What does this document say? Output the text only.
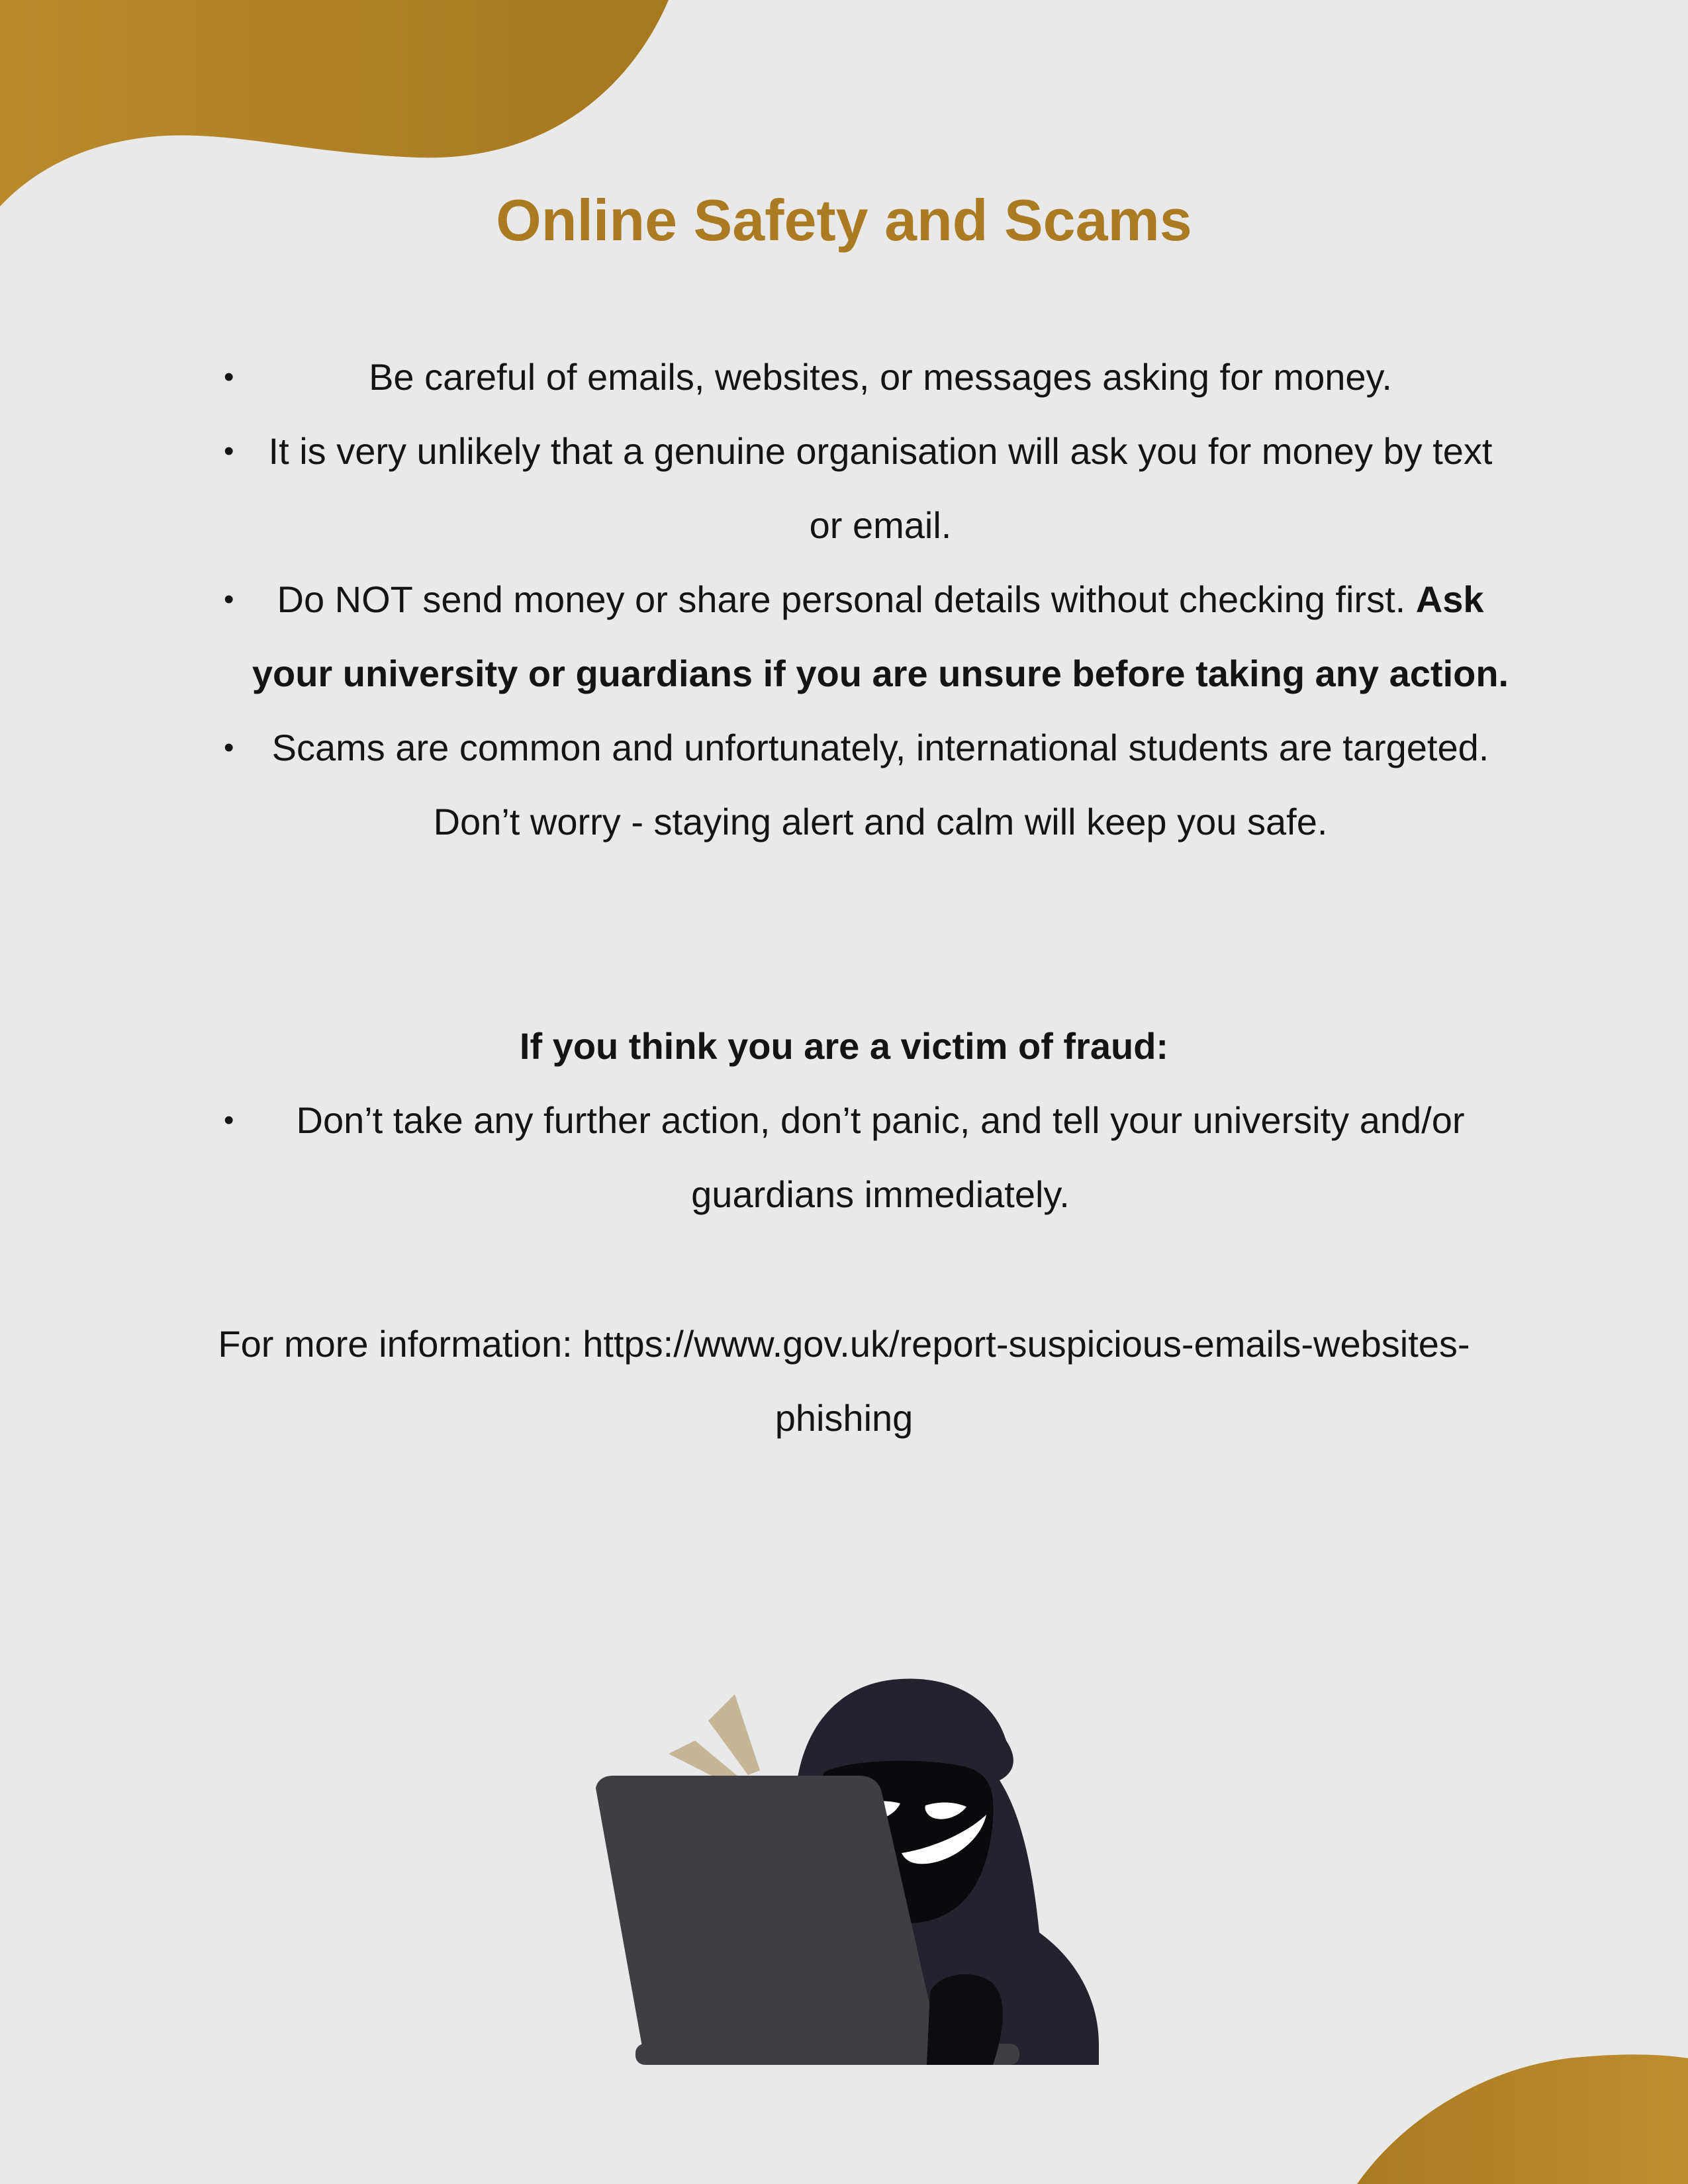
Online Safety and Scams
•	Be careful of emails, websites, or messages asking for money.
• It is very unlikely that a genuine organisation will ask you for money by text or email.
•	Do NOT send money or share personal details without checking first. Ask your university or guardians if you are unsure before taking any action.
•	Scams are common and unfortunately, international students are targeted. Don’t worry - staying alert and calm will keep you safe.
If you think you are a victim of fraud:
•	Don’t take any further action, don’t panic, and tell your university and/or guardians immediately.
For more information: https://www.gov.uk/report-suspicious-emails-websites-phishing
